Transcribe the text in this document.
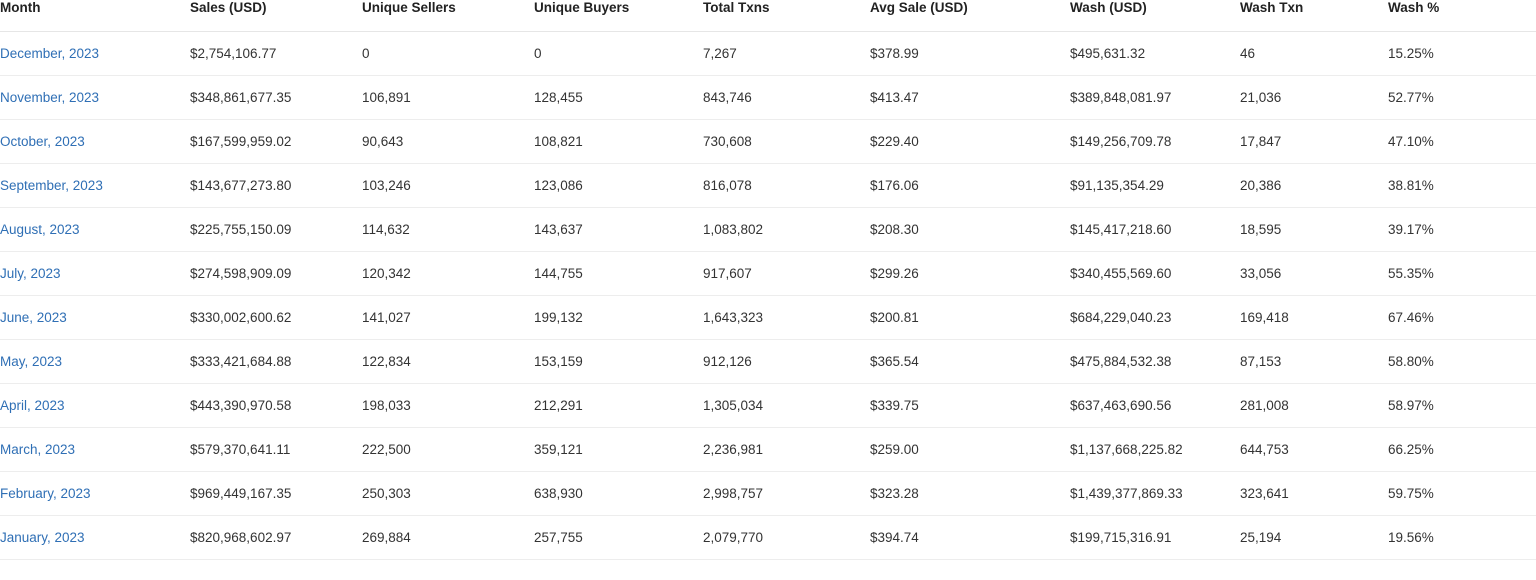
Month	Sales (USD)	Unique Sellers	Unique Buyers	Total Txns	Avg Sale (USD)	Wash (USD)	Wash Txn	Wash %
December, 2023	$2,754,106.77	0	0	7,267	$378.99	$495,631.32	46	15.25%
November, 2023	$348,861,677.35	106,891	128,455	843,746	$413.47	$389,848,081.97	21,036	52.77%
October, 2023	$167,599,959.02	90,643	108,821	730,608	$229.40	$149,256,709.78	17,847	47.10%
September, 2023	$143,677,273.80	103,246	123,086	816,078	$176.06	$91,135,354.29	20,386	38.81%
August, 2023	$225,755,150.09	114,632	143,637	1,083,802	$208.30	$145,417,218.60	18,595	39.17%
July, 2023	$274,598,909.09	120,342	144,755	917,607	$299.26	$340,455,569.60	33,056	55.35%
June, 2023	$330,002,600.62	141,027	199,132	1,643,323	$200.81	$684,229,040.23	169,418	67.46%
May, 2023	$333,421,684.88	122,834	153,159	912,126	$365.54	$475,884,532.38	87,153	58.80%
April, 2023	$443,390,970.58	198,033	212,291	1,305,034	$339.75	$637,463,690.56	281,008	58.97%
March, 2023	$579,370,641.11	222,500	359,121	2,236,981	$259.00	$1,137,668,225.82	644,753	66.25%
February, 2023	$969,449,167.35	250,303	638,930	2,998,757	$323.28	$1,439,377,869.33	323,641	59.75%
January, 2023	$820,968,602.97	269,884	257,755	2,079,770	$394.74	$199,715,316.91	25,194	19.56%
